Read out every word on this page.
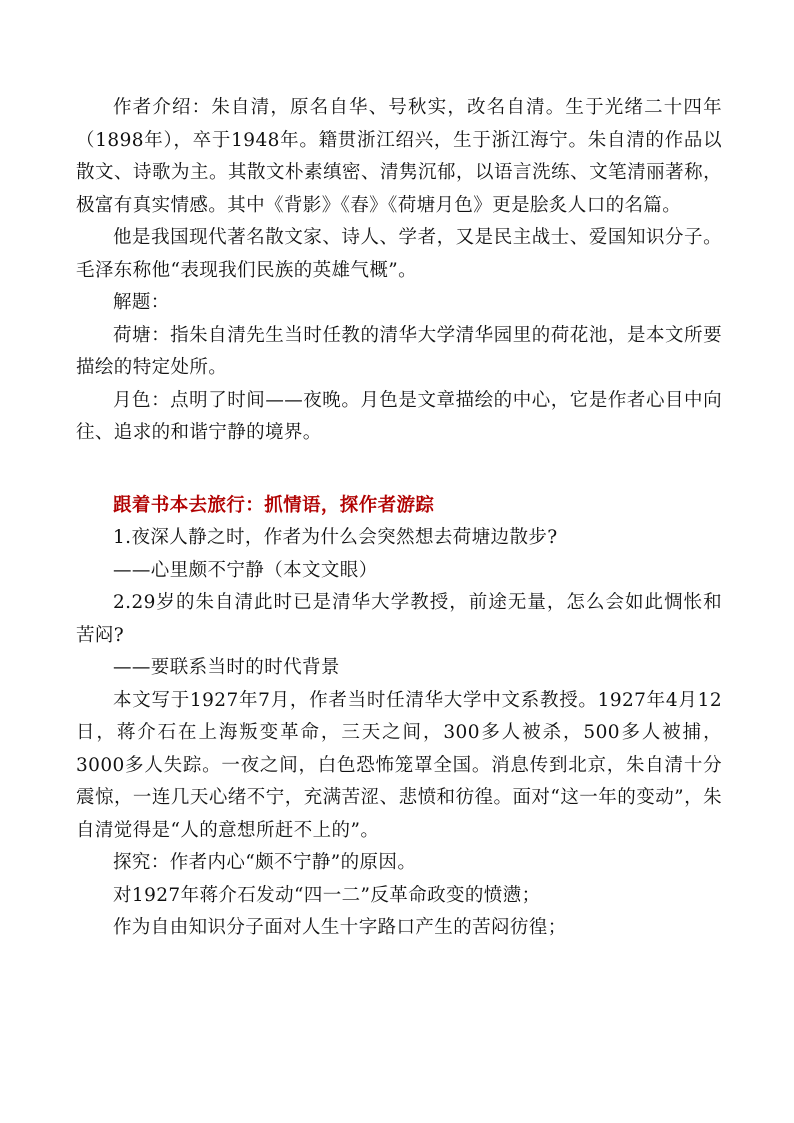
作者介绍：朱自清，原名自华、号秋实，改名自清。生于光绪二十四年（1898年），卒于1948年。籍贯浙江绍兴，生于浙江海宁。朱自清的作品以散文、诗歌为主。其散文朴素缜密、清隽沉郁，以语言洗练、文笔清丽著称，极富有真实情感。其中《背影》《春》《荷塘月色》更是脍炙人口的名篇。

他是我国现代著名散文家、诗人、学者，又是民主战士、爱国知识分子。毛泽东称他“表现我们民族的英雄气概”。

解题：

荷塘：指朱自清先生当时任教的清华大学清华园里的荷花池，是本文所要描绘的特定处所。

月色：点明了时间——夜晚。月色是文章描绘的中心，它是作者心目中向往、追求的和谐宁静的境界。

跟着书本去旅行：抓情语，探作者游踪

1.夜深人静之时，作者为什么会突然想去荷塘边散步?

——心里颇不宁静（本文文眼）

2.29岁的朱自清此时已是清华大学教授，前途无量，怎么会如此惆怅和苦闷?

——要联系当时的时代背景

本文写于1927年7月，作者当时任清华大学中文系教授。1927年4月12日，蒋介石在上海叛变革命，三天之间，300多人被杀，500多人被捕，3000多人失踪。一夜之间，白色恐怖笼罩全国。消息传到北京，朱自清十分震惊，一连几天心绪不宁，充满苦涩、悲愤和彷徨。面对“这一年的变动”，朱自清觉得是“人的意想所赶不上的”。

探究：作者内心“颇不宁静”的原因。

对1927年蒋介石发动“四一二”反革命政变的愤懑；

作为自由知识分子面对人生十字路口产生的苦闷彷徨；
